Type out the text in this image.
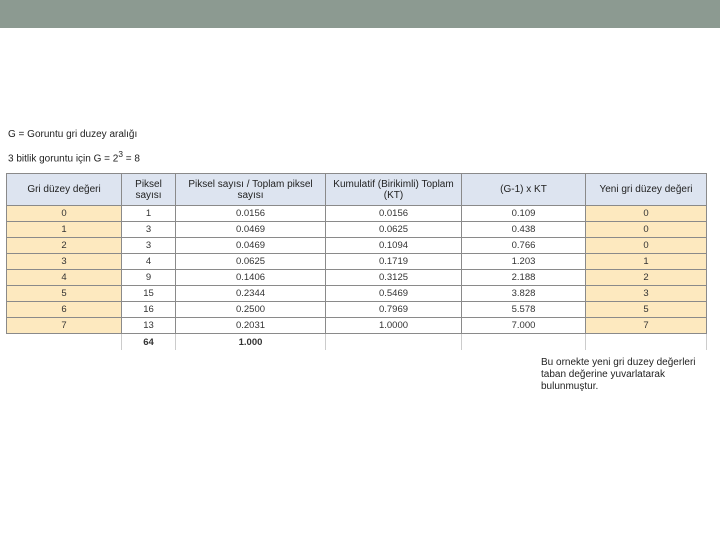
G = Goruntu gri duzey aralığı
3 bitlik goruntu için $G = 2^3 = 8$
Gri düzey değeri	Piksel sayısı	Piksel sayısı / Toplam piksel sayısı	Kumulatif (Birikimli) Toplam (KT)	(G-1) x KT	Yeni gri düzey değeri
0	1	0.0156	0.0156	0.109	0
1	3	0.0469	0.0625	0.438	0
2	3	0.0469	0.1094	0.766	0
3	4	0.0625	0.1719	1.203	1
4	9	0.1406	0.3125	2.188	2
5	15	0.2344	0.5469	3.828	3
6	16	0.2500	0.7969	5.578	5
7	13	0.2031	1.0000	7.000	7
	64	1.000			
Bu ornekte yeni gri duzey değerleri taban değerine yuvarlatarak bulunmuştur.
